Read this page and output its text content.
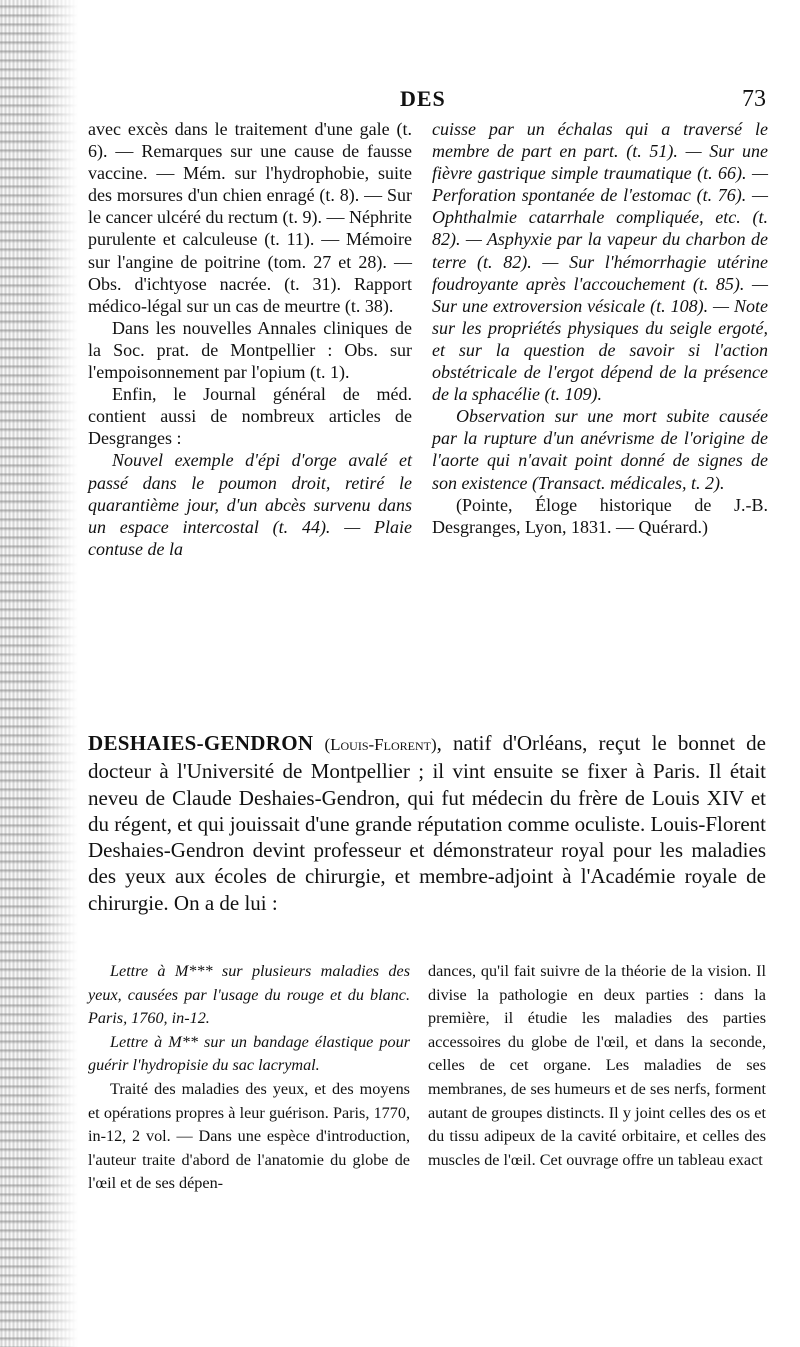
DES	73

avec excès dans le traitement d'une gale (t. 6). — Remarques sur une cause de fausse vaccine. — Mém. sur l'hydrophobie, suite des morsures d'un chien enragé (t. 8). — Sur le cancer ulcéré du rectum (t. 9). — Néphrite purulente et calculeuse (t. 11). — Mémoire sur l'angine de poitrine (tom. 27 et 28). — Obs. d'ichtyose nacrée. (t. 31). Rapport médico-légal sur un cas de meurtre (t. 38).

Dans les nouvelles Annales cliniques de la Soc. prat. de Montpellier : Obs. sur l'empoisonnement par l'opium (t. 1).

Enfin, le Journal général de méd. contient aussi de nombreux articles de Desgranges :

Nouvel exemple d'épi d'orge avalé et passé dans le poumon droit, retiré le quarantième jour, d'un abcès survenu dans un espace intercostal (t. 44). — Plaie contuse de la

cuisse par un échalas qui a traversé le membre de part en part. (t. 51). — Sur une fièvre gastrique simple traumatique (t. 66). — Perforation spontanée de l'estomac (t. 76). — Ophthalmie catarrhale compliquée, etc. (t. 82). — Asphyxie par la vapeur du charbon de terre (t. 82). — Sur l'hémorrhagie utérine foudroyante après l'accouchement (t. 85). — Sur une extroversion vésicale (t. 108). — Note sur les propriétés physiques du seigle ergoté, et sur la question de savoir si l'action obstétricale de l'ergot dépend de la présence de la sphacélie (t. 109).

Observation sur une mort subite causée par la rupture d'un anévrisme de l'origine de l'aorte qui n'avait point donné de signes de son existence (Transact. médicales, t. 2).

(Pointe, Éloge historique de J.-B. Desgranges, Lyon, 1831. — Quérard.)

DESHAIES-GENDRON (Louis-Florent), natif d'Orléans, reçut le bonnet de docteur à l'Université de Montpellier ; il vint ensuite se fixer à Paris. Il était neveu de Claude Deshaies-Gendron, qui fut médecin du frère de Louis XIV et du régent, et qui jouissait d'une grande réputation comme oculiste. Louis-Florent Deshaies-Gendron devint professeur et démonstrateur royal pour les maladies des yeux aux écoles de chirurgie, et membre-adjoint à l'Académie royale de chirurgie. On a de lui :

Lettre à M*** sur plusieurs maladies des yeux, causées par l'usage du rouge et du blanc. Paris, 1760, in-12.

Lettre à M** sur un bandage élastique pour guérir l'hydropisie du sac lacrymal.

Traité des maladies des yeux, et des moyens et opérations propres à leur guérison. Paris, 1770, in-12, 2 vol. — Dans une espèce d'introduction, l'auteur traite d'abord de l'anatomie du globe de l'œil et de ses dépen-

dances, qu'il fait suivre de la théorie de la vision. Il divise la pathologie en deux parties : dans la première, il étudie les maladies des parties accessoires du globe de l'œil, et dans la seconde, celles de cet organe. Les maladies de ses membranes, de ses humeurs et de ses nerfs, forment autant de groupes distincts. Il y joint celles des os et du tissu adipeux de la cavité orbitaire, et celles des muscles de l'œil. Cet ouvrage offre un tableau exact
